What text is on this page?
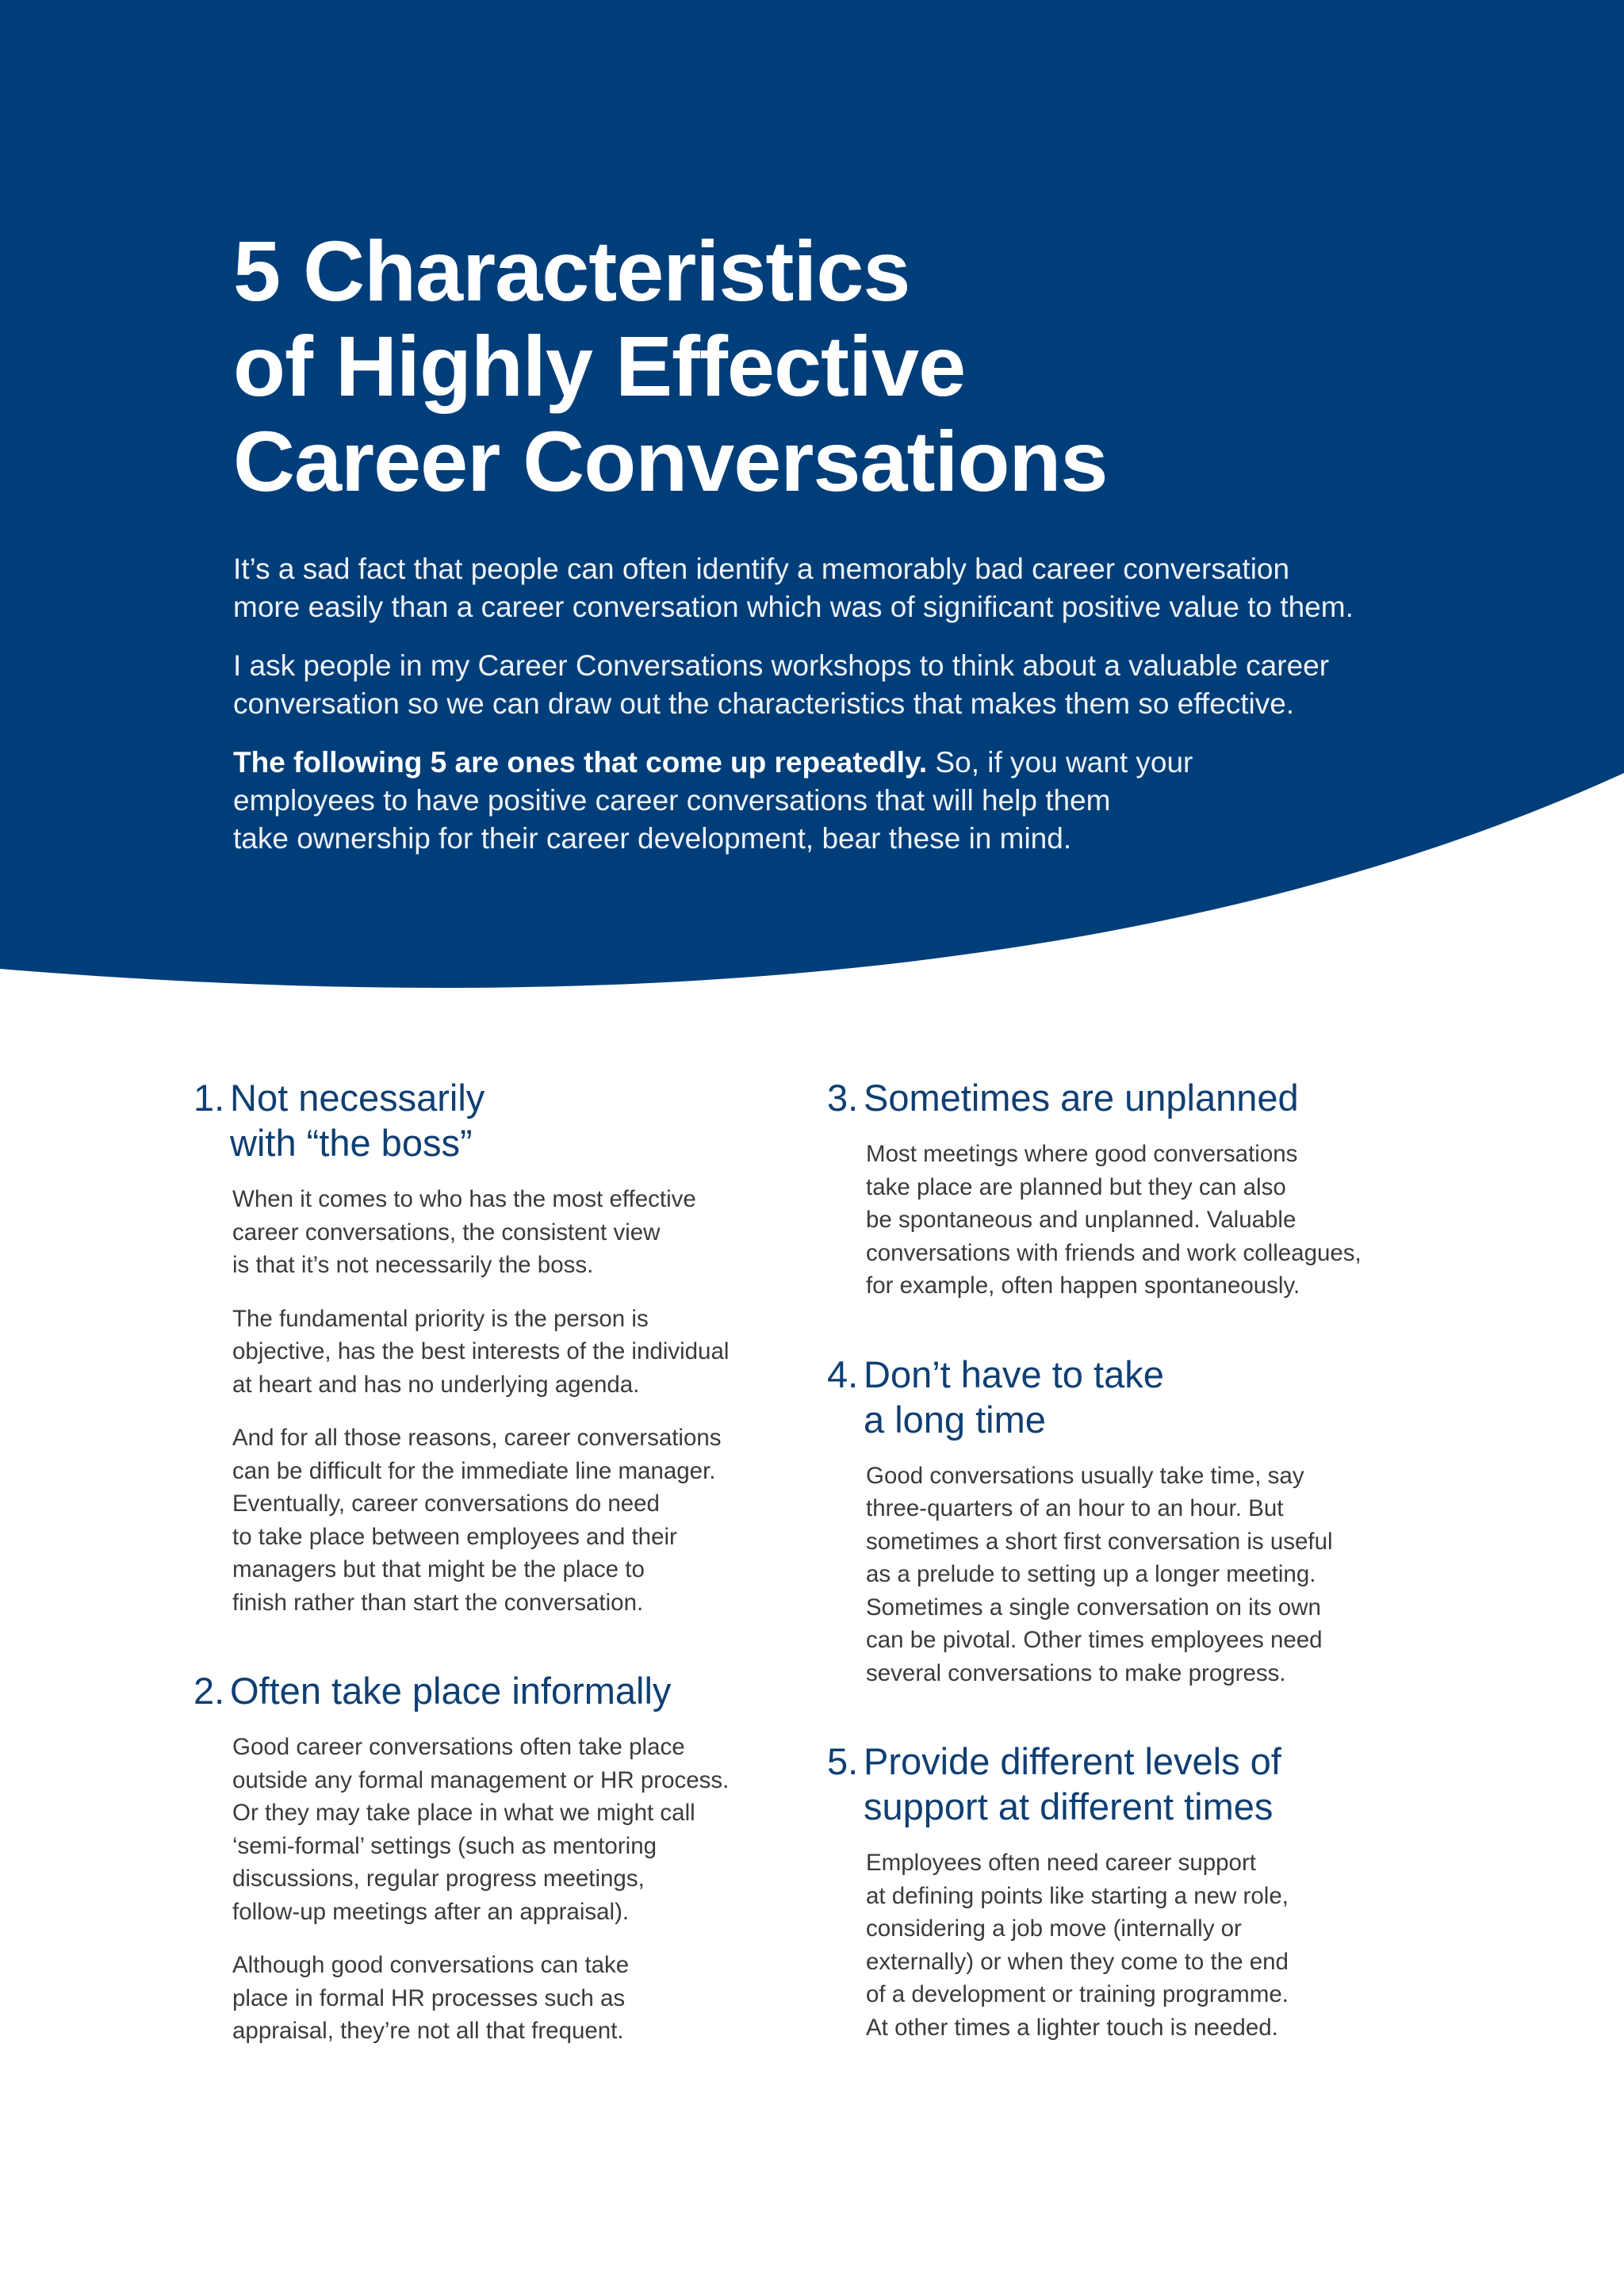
5 Characteristics
of Highly Effective
Career Conversations

It’s a sad fact that people can often identify a memorably bad career conversation
more easily than a career conversation which was of significant positive value to them.

I ask people in my Career Conversations workshops to think about a valuable career
conversation so we can draw out the characteristics that makes them so effective.

The following 5 are ones that come up repeatedly. So, if you want your
employees to have positive career conversations that will help them
take ownership for their career development, bear these in mind.

1. Not necessarily
with “the boss”

When it comes to who has the most effective
career conversations, the consistent view
is that it’s not necessarily the boss.

The fundamental priority is the person is
objective, has the best interests of the individual
at heart and has no underlying agenda.

And for all those reasons, career conversations
can be difficult for the immediate line manager.
Eventually, career conversations do need
to take place between employees and their
managers but that might be the place to
finish rather than start the conversation.

2. Often take place informally

Good career conversations often take place
outside any formal management or HR process.
Or they may take place in what we might call
‘semi-formal’ settings (such as mentoring
discussions, regular progress meetings,
follow-up meetings after an appraisal).

Although good conversations can take
place in formal HR processes such as
appraisal, they’re not all that frequent.

3. Sometimes are unplanned

Most meetings where good conversations
take place are planned but they can also
be spontaneous and unplanned. Valuable
conversations with friends and work colleagues,
for example, often happen spontaneously.

4. Don’t have to take
a long time

Good conversations usually take time, say
three-quarters of an hour to an hour. But
sometimes a short first conversation is useful
as a prelude to setting up a longer meeting.
Sometimes a single conversation on its own
can be pivotal. Other times employees need
several conversations to make progress.

5. Provide different levels of
support at different times

Employees often need career support
at defining points like starting a new role,
considering a job move (internally or
externally) or when they come to the end
of a development or training programme.
At other times a lighter touch is needed.
